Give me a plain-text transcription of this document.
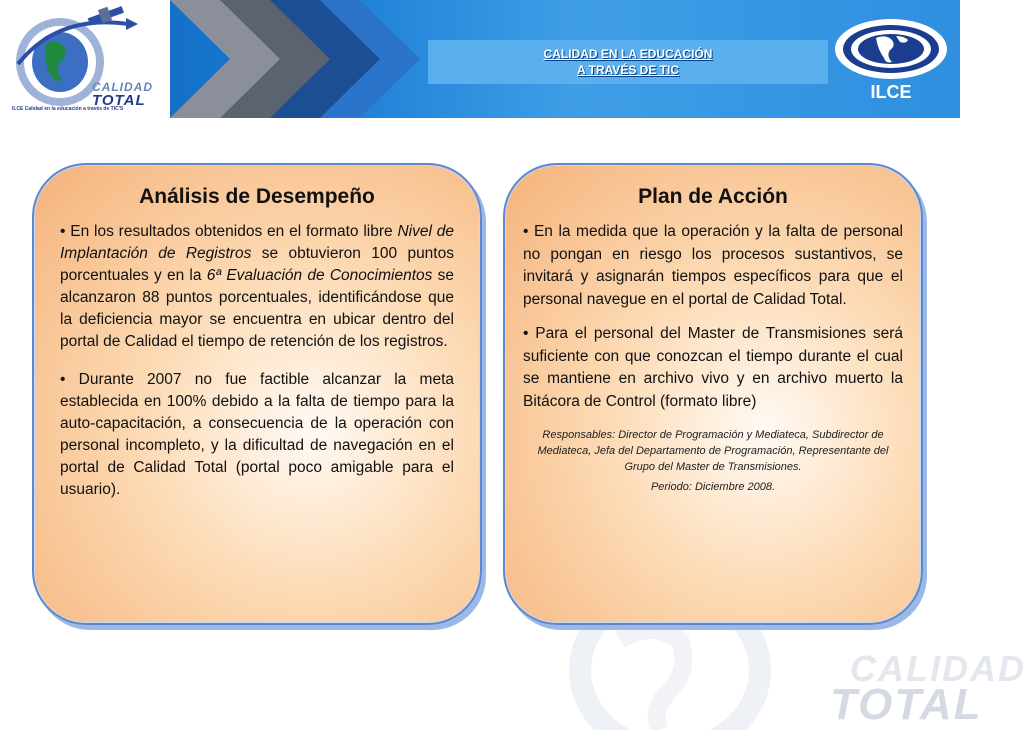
CALIDAD
TOTAL
ILCE Calidad en la educación a través de TIC'S
CALIDAD EN LA EDUCACIÓN
A TRAVÉS DE TIC
ILCE
CALIDAD
TOTAL
Análisis de Desempeño

• En los resultados obtenidos en el formato libre Nivel de Implantación de Registros se obtuvieron 100 puntos porcentuales y en la 6ª Evaluación de Conocimientos se alcanzaron 88 puntos porcentuales, identificándose que la deficiencia mayor se encuentra en ubicar dentro del portal de Calidad el tiempo de retención de los registros.

• Durante 2007 no fue factible alcanzar la meta establecida en 100% debido a la falta de tiempo para la auto-capacitación, a consecuencia de la operación con personal incompleto, y la dificultad de navegación en el portal de Calidad Total (portal poco amigable para el usuario).

Plan de Acción

• En la medida que la operación y la falta de personal no pongan en riesgo los procesos sustantivos, se invitará y asignarán tiempos específicos para que el personal navegue en el portal de Calidad Total.

• Para el personal del Master de Transmisiones será suficiente con que conozcan el tiempo durante el cual se mantiene en archivo vivo y en archivo muerto la Bitácora de Control (formato libre)

Responsables: Director de Programación y Mediateca, Subdirector de Mediateca, Jefa del Departamento de Programación, Representante del Grupo del Master de Transmisiones.

Periodo: Diciembre 2008.
